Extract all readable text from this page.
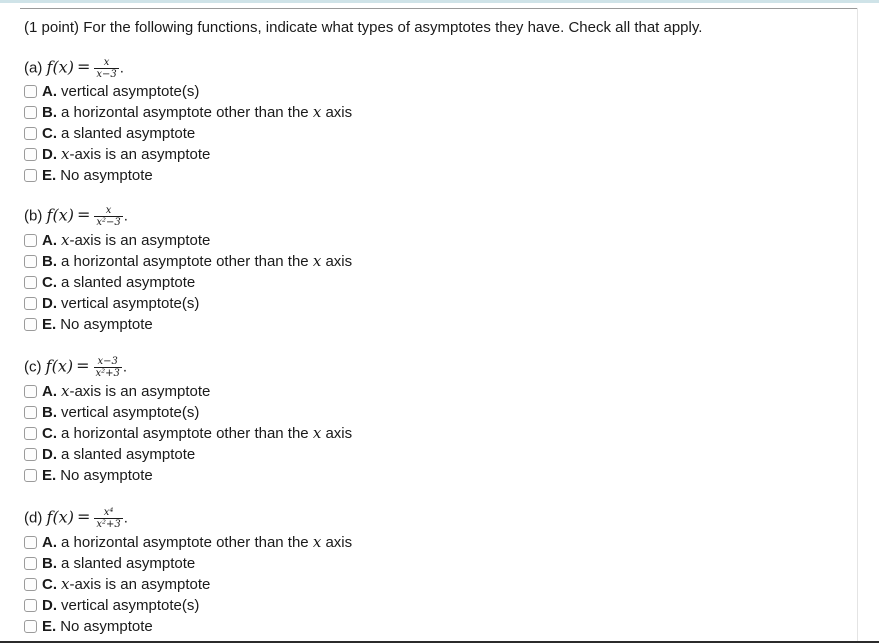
(1 point) For the following functions, indicate what types of asymptotes they have. Check all that apply.
(a) $f(x) = \frac{x}{x-3}$ .
A. vertical asymptote(s)
B. a horizontal asymptote other than the
x
axis
C. a slanted asymptote
D. x -axis is an asymptote
E. No asymptote
(b) $f(x) = \frac{x}{\text{x²−3}}$ .
A. x -axis is an asymptote
B. a horizontal asymptote other than the
x
axis
C. a slanted asymptote
D. vertical asymptote(s)
E. No asymptote
(c) $f(x) = \frac{x-3}{\text{x²+3}}$ .
A. x -axis is an asymptote
B. vertical asymptote(s)
C. a horizontal asymptote other than the
x
axis
D. a slanted asymptote
E. No asymptote
(d) $f(x) = \frac{\text{x⁴}}{\text{x²+3}}$ .
A. a horizontal asymptote other than the
x
axis
B. a slanted asymptote
C. x -axis is an asymptote
D. vertical asymptote(s)
E. No asymptote
